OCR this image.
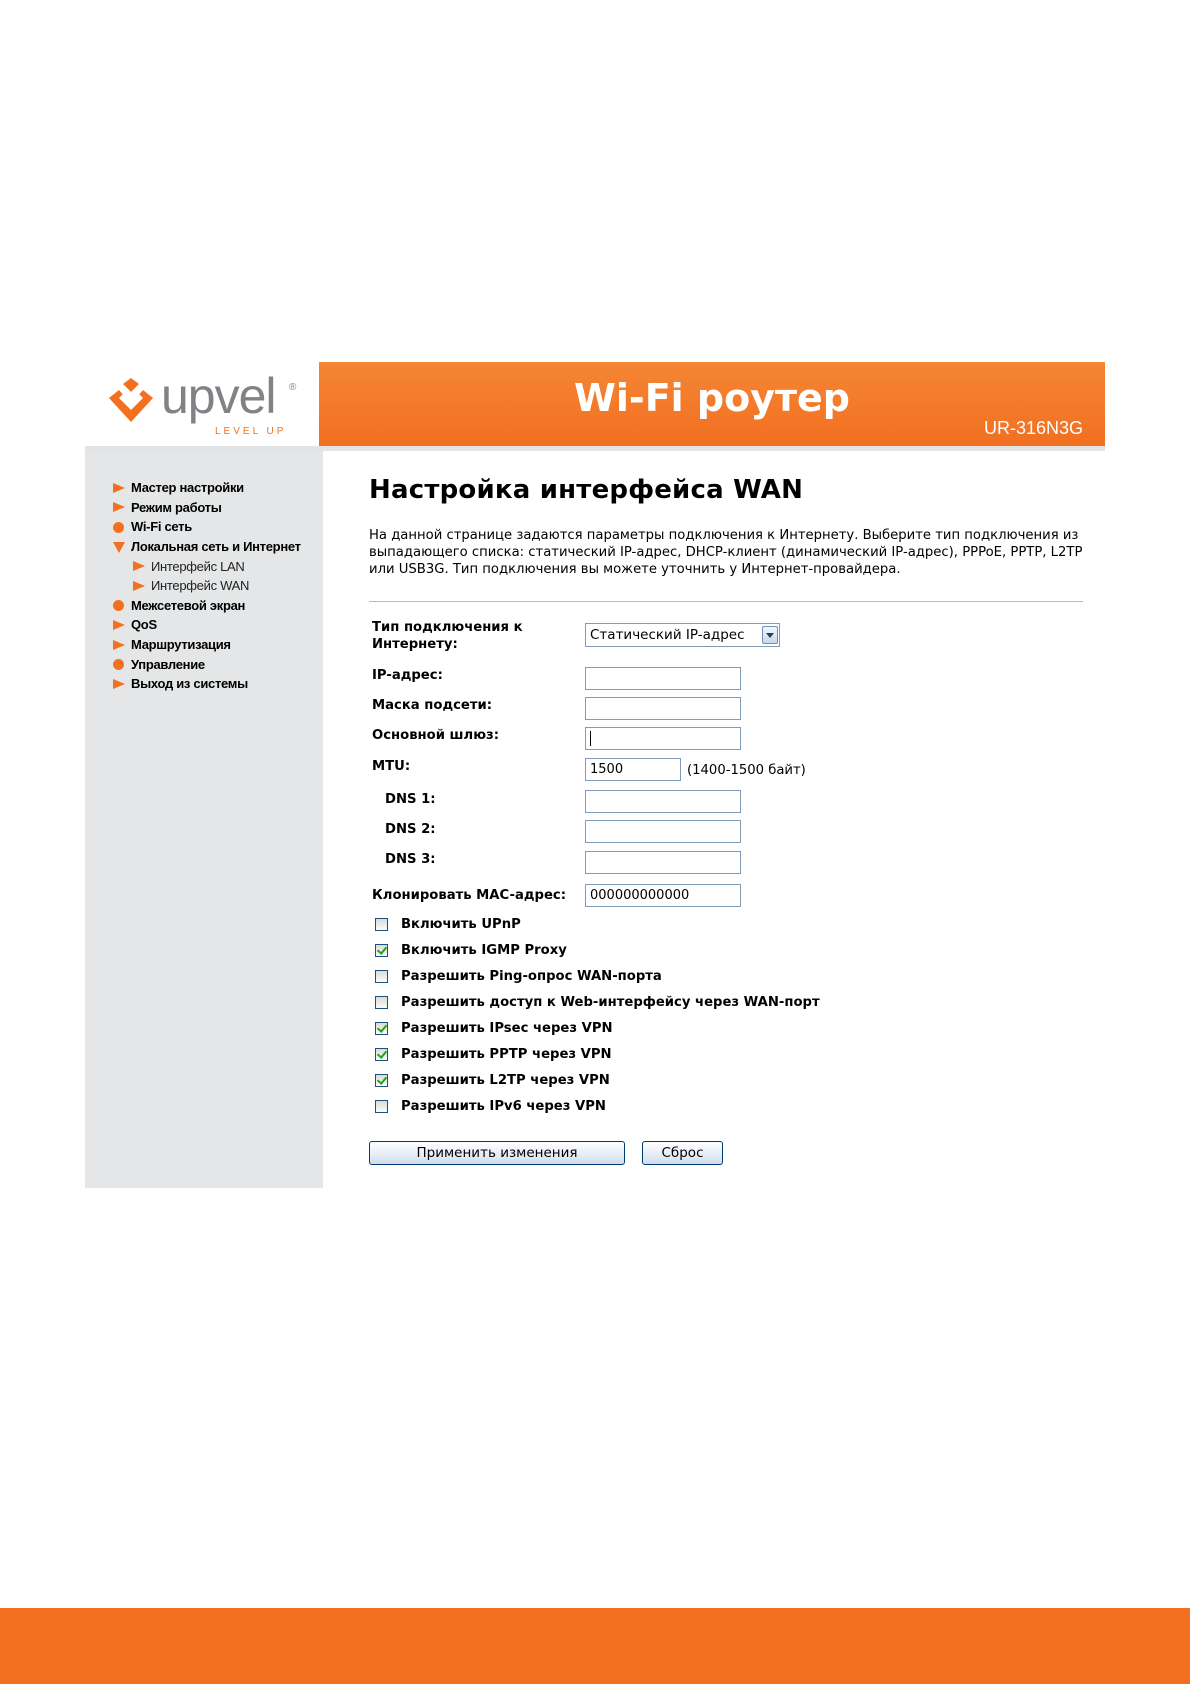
upvel ®
LEVEL UP
Wi-Fi роутер
UR-316N3G
Мастер настройки
Режим работы
Wi-Fi сеть
Локальная сеть и Интернет
Интерфейс LAN
Интерфейс WAN
Межсетевой экран
QoS
Маршрутизация
Управление
Выход из системы
Настройка интерфейса WAN

На данной странице задаются параметры подключения к Интернету. Выберите тип подключения из выпадающего списка: статический IP-адрес, DHCP-клиент (динамический IP-адрес), PPPoE, PPTP, L2TP или USB3G. Тип подключения вы можете уточнить у Интернет-провайдера.

Тип подключения к Интернету:
Статический IP-адрес
IP-адрес:
Маска подсети:
Основной шлюз:
MTU:
1500	(1400-1500 байт)
DNS 1:
DNS 2:
DNS 3:
Клонировать MAC-адрес:
000000000000
Включить UPnP
Включить IGMP Proxy
Разрешить Ping-опрос WAN-порта
Разрешить доступ к Web-интерфейсу через WAN-порт
Разрешить IPsec через VPN
Разрешить PPTP через VPN
Разрешить L2TP через VPN
Разрешить IPv6 через VPN
Применить изменения	Сброс
